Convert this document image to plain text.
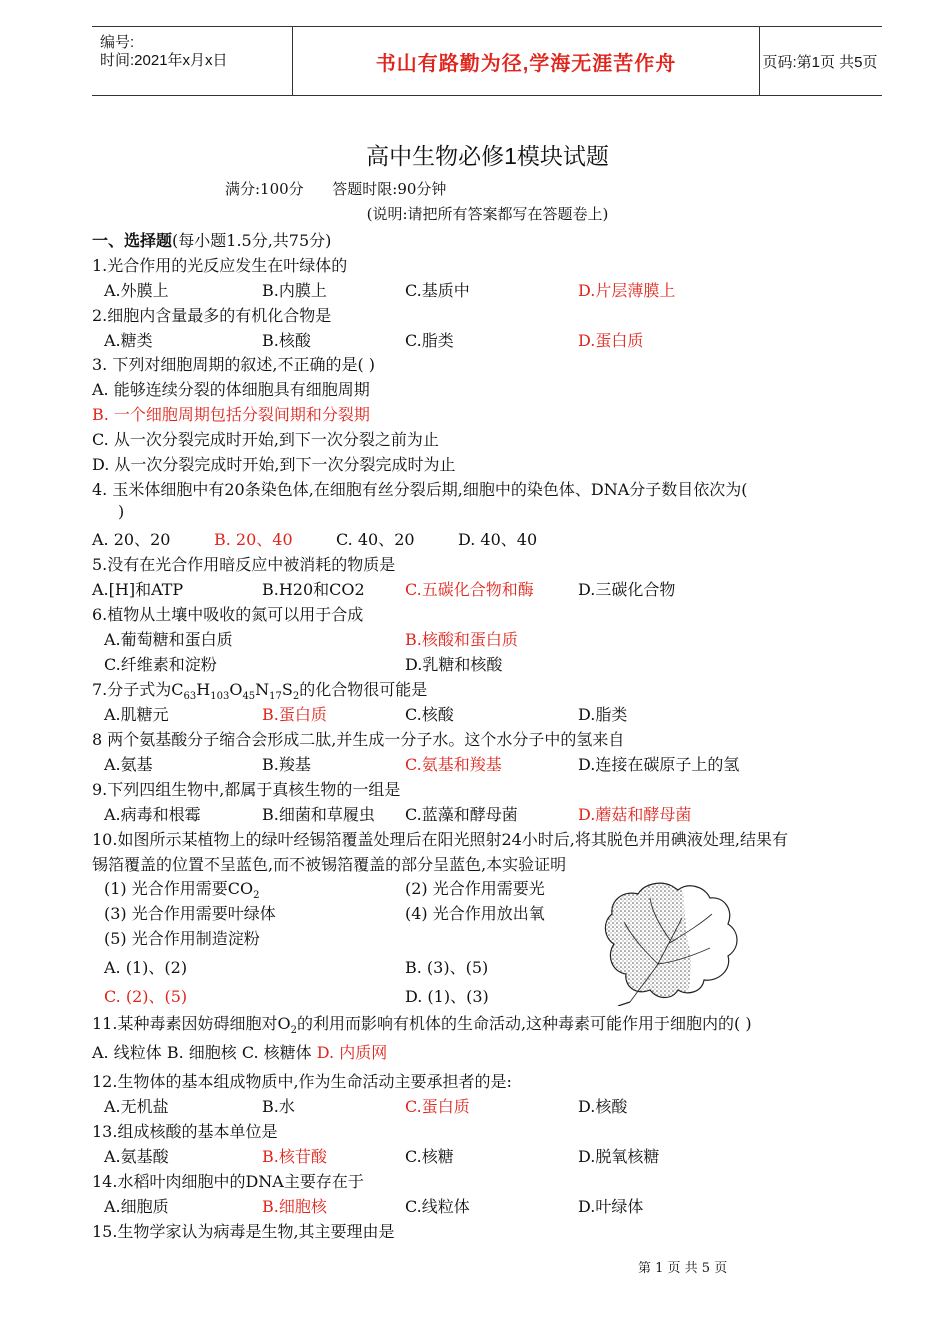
编号:
时间:2021年x月x日	书山有路勤为径,学海无涯苦作舟	页码:第1页 共5页
高中生物必修1模块试题
满分:100分      答题时限:90分钟
(说明:请把所有答案都写在答题卷上)
一、选择题(每小题1.5分,共75分)
1.光合作用的光反应发生在叶绿体的
A.外膜上	B.内膜上	C.基质中	D.片层薄膜上
2.细胞内含量最多的有机化合物是
A.糖类	B.核酸	C.脂类	D.蛋白质
3. 下列对细胞周期的叙述,不正确的是( )
A. 能够连续分裂的体细胞具有细胞周期
B. 一个细胞周期包括分裂间期和分裂期
C. 从一次分裂完成时开始,到下一次分裂之前为止
D. 从一次分裂完成时开始,到下一次分裂完成时为止
4. 玉米体细胞中有20条染色体,在细胞有丝分裂后期,细胞中的染色体、DNA分子数目依次为(
)
A. 20、20	B. 20、40	C. 40、20	D. 40、40
5.没有在光合作用暗反应中被消耗的物质是
A.[H]和ATP	B.H20和CO2	C.五碳化合物和酶	D.三碳化合物
6.植物从土壤中吸收的氮可以用于合成
A.葡萄糖和蛋白质	B.核酸和蛋白质
C.纤维素和淀粉	D.乳糖和核酸
7.分子式为$C_{63}H_{103}O_{45}N_{17}S_2$的化合物很可能是
A.肌糖元	B.蛋白质	C.核酸	D.脂类
8 两个氨基酸分子缩合会形成二肽,并生成一分子水。这个水分子中的氢来自
A.氨基	B.羧基	C.氨基和羧基	D.连接在碳原子上的氢
9.下列四组生物中,都属于真核生物的一组是
A.病毒和根霉	B.细菌和草履虫 C.蓝藻和酵母菌	D.蘑菇和酵母菌
10.如图所示某植物上的绿叶经锡箔覆盖处理后在阳光照射24小时后,将其脱色并用碘液处理,结果有
锡箔覆盖的位置不呈蓝色,而不被锡箔覆盖的部分呈蓝色,本实验证明
(1) 光合作用需要$CO_2$	(2) 光合作用需要光
(3) 光合作用需要叶绿体	(4) 光合作用放出氧
(5) 光合作用制造淀粉
A. (1)、(2)	B. (3)、(5)
C. (2)、(5)	D. (1)、(3)
11.某种毒素因妨碍细胞对$O_2$的利用而影响有机体的生命活动,这种毒素可能作用于细胞内的( )
A. 线粒体 B. 细胞核 C. 核糖体 D. 内质网
12.生物体的基本组成物质中,作为生命活动主要承担者的是:
A.无机盐	B.水	C.蛋白质	D.核酸
13.组成核酸的基本单位是
A.氨基酸	B.核苷酸	C.核糖	D.脱氧核糖
14.水稻叶肉细胞中的DNA主要存在于
A.细胞质	B.细胞核	C.线粒体	D.叶绿体
15.生物学家认为病毒是生物,其主要理由是
第 1 页 共 5 页
